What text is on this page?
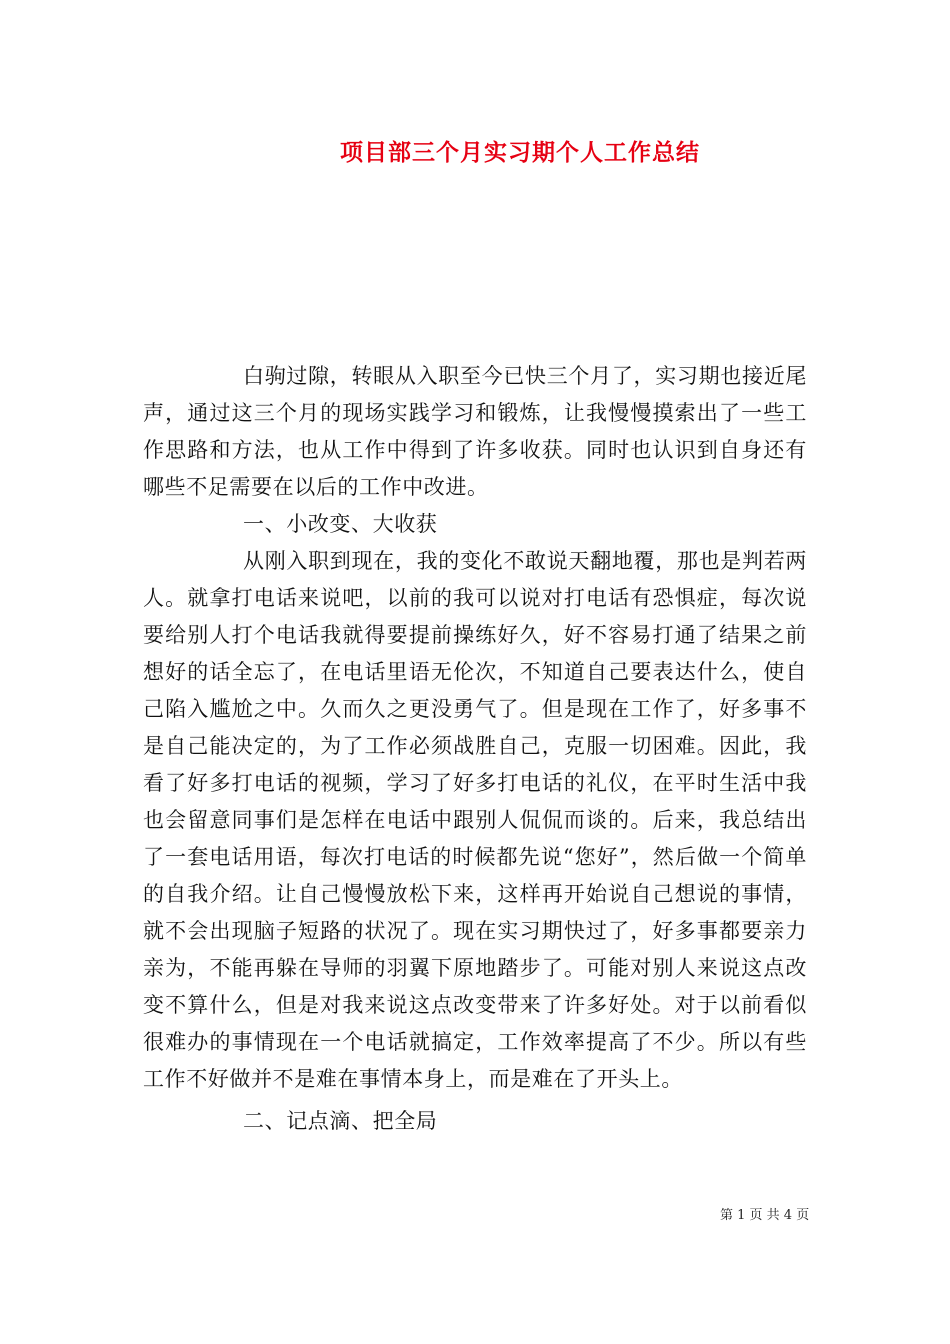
项目部三个月实习期个人工作总结

白驹过隙，转眼从入职至今已快三个月了，实习期也接近尾声，通过这三个月的现场实践学习和锻炼，让我慢慢摸索出了一些工作思路和方法，也从工作中得到了许多收获。同时也认识到自身还有哪些不足需要在以后的工作中改进。

一、小改变、大收获

从刚入职到现在，我的变化不敢说天翻地覆，那也是判若两人。就拿打电话来说吧，以前的我可以说对打电话有恐惧症，每次说要给别人打个电话我就得要提前操练好久，好不容易打通了结果之前想好的话全忘了，在电话里语无伦次，不知道自己要表达什么，使自己陷入尴尬之中。久而久之更没勇气了。但是现在工作了，好多事不是自己能决定的，为了工作必须战胜自己，克服一切困难。因此，我看了好多打电话的视频，学习了好多打电话的礼仪，在平时生活中我也会留意同事们是怎样在电话中跟别人侃侃而谈的。后来，我总结出了一套电话用语，每次打电话的时候都先说“您好”，然后做一个简单的自我介绍。让自己慢慢放松下来，这样再开始说自己想说的事情，就不会出现脑子短路的状况了。现在实习期快过了，好多事都要亲力亲为，不能再躲在导师的羽翼下原地踏步了。可能对别人来说这点改变不算什么，但是对我来说这点改变带来了许多好处。对于以前看似很难办的事情现在一个电话就搞定，工作效率提高了不少。所以有些工作不好做并不是难在事情本身上，而是难在了开头上。

二、记点滴、把全局

第 1 页 共 4 页
